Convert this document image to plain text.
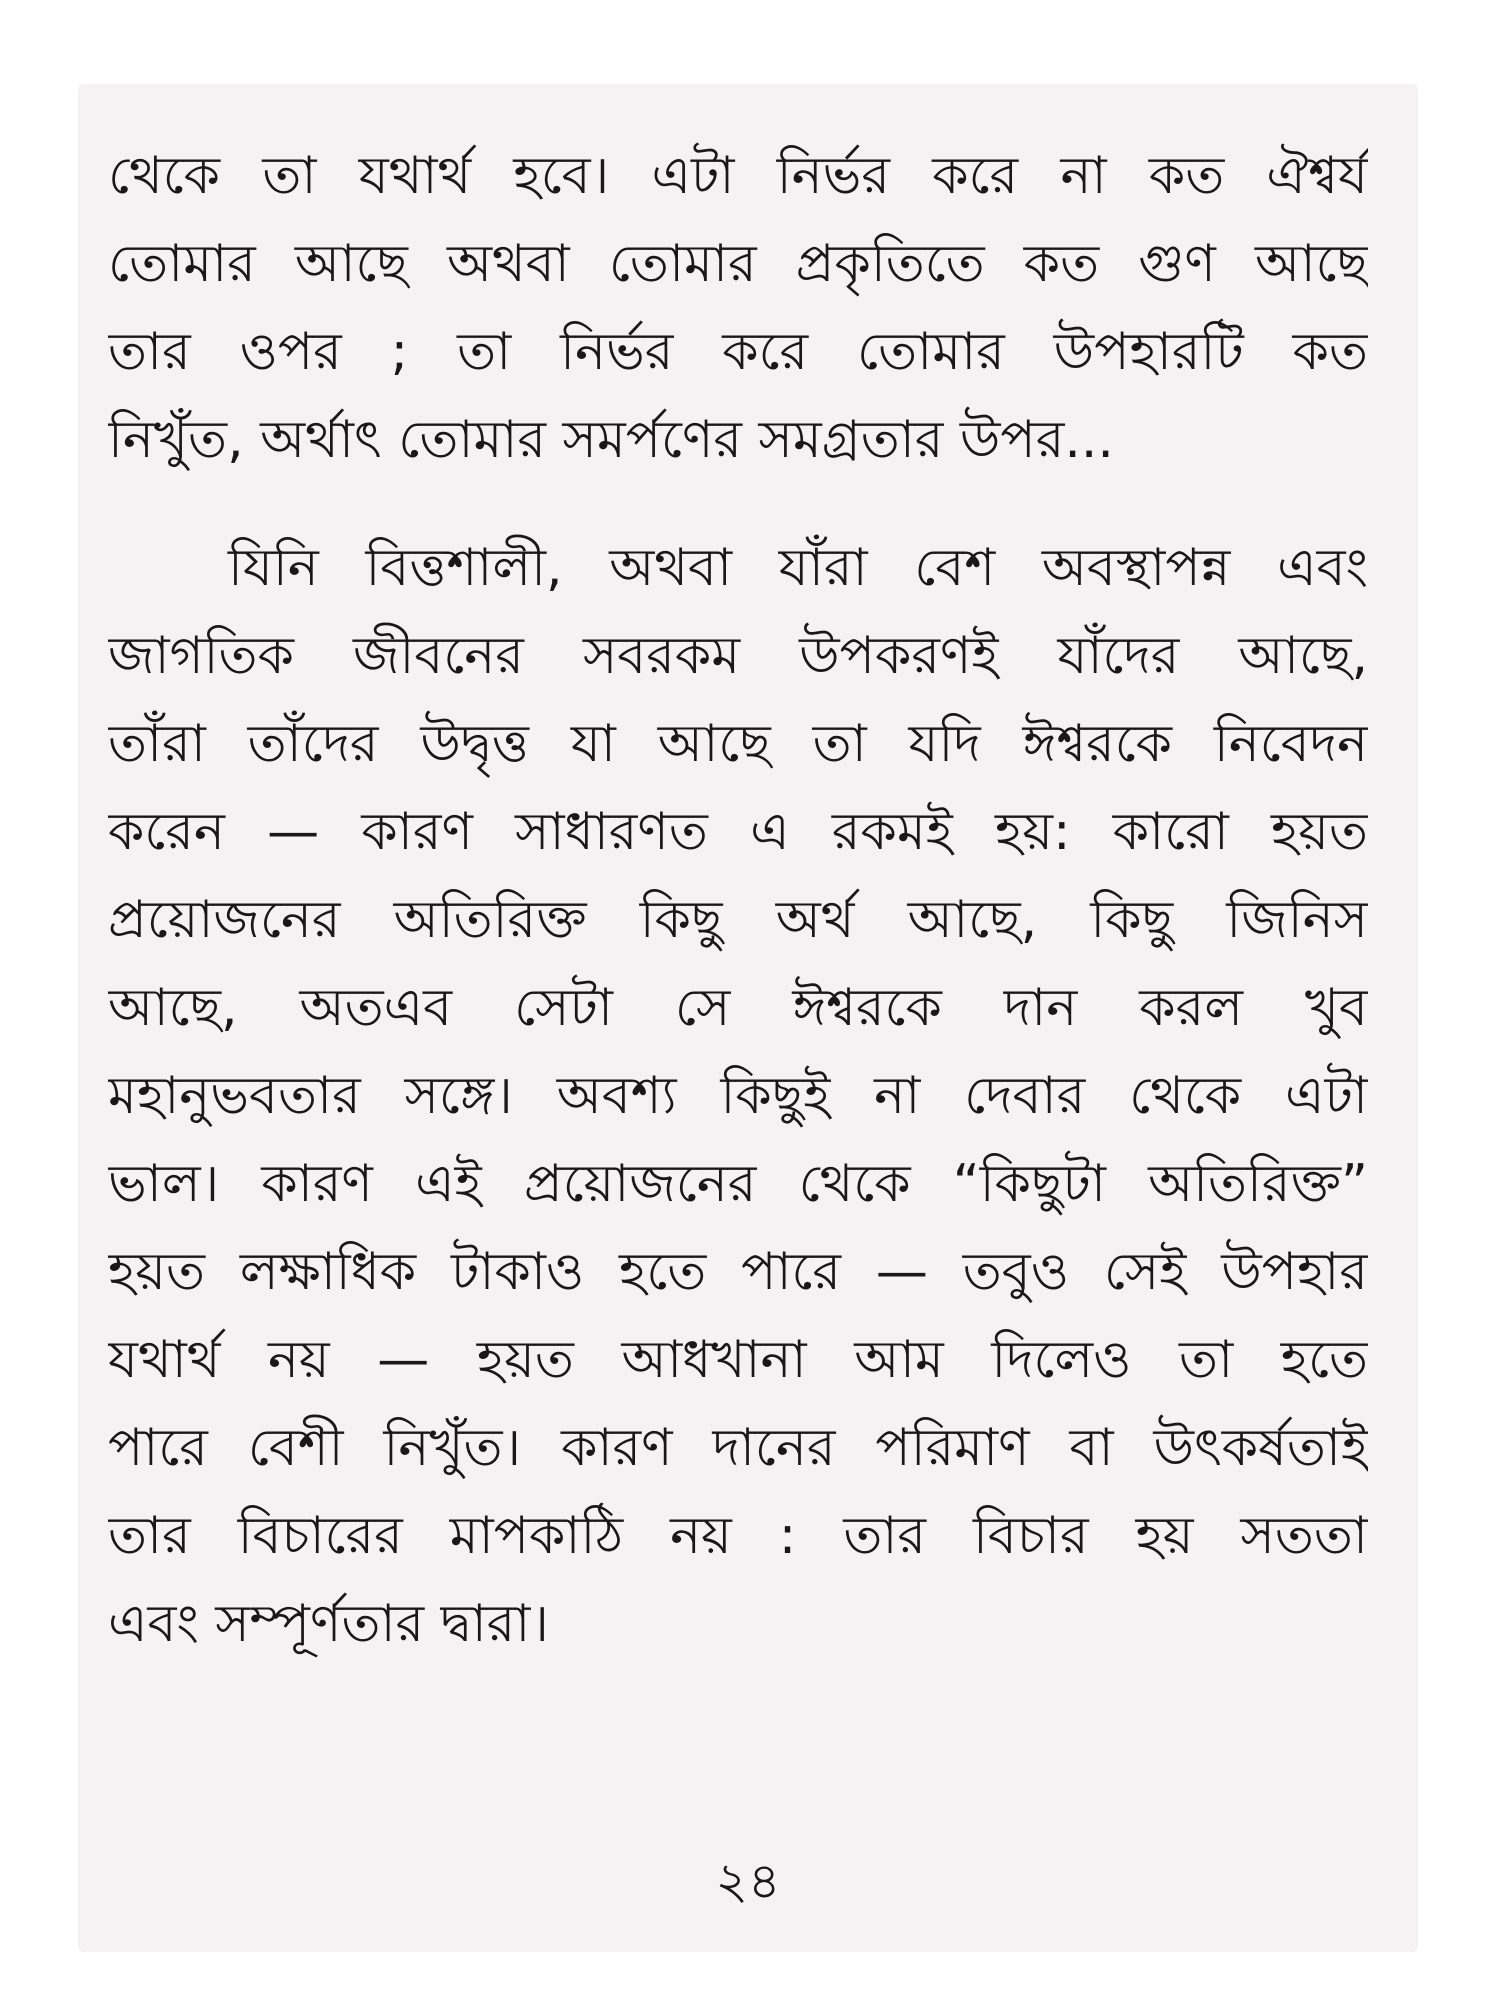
থেকে তা যথার্থ হবে। এটা নির্ভর করে না কত ঐশ্বর্য
তোমার আছে অথবা তোমার প্রকৃতিতে কত গুণ আছে
তার ওপর ; তা নির্ভর করে তোমার উপহারটি কত
নিখুঁত, অর্থাৎ তোমার সমর্পণের সমগ্রতার উপর...
যিনি বিত্তশালী, অথবা যাঁরা বেশ অবস্থাপন্ন এবং
জাগতিক জীবনের সবরকম উপকরণই যাঁদের আছে,
তাঁরা তাঁদের উদ্বৃত্ত যা আছে তা যদি ঈশ্বরকে নিবেদন
করেন — কারণ সাধারণত এ রকমই হয়: কারো হয়ত
প্রয়োজনের অতিরিক্ত কিছু অর্থ আছে, কিছু জিনিস
আছে, অতএব সেটা সে ঈশ্বরকে দান করল খুব
মহানুভবতার সঙ্গে। অবশ্য কিছুই না দেবার থেকে এটা
ভাল। কারণ এই প্রয়োজনের থেকে “কিছুটা অতিরিক্ত”
হয়ত লক্ষাধিক টাকাও হতে পারে — তবুও সেই উপহার
যথার্থ নয় — হয়ত আধখানা আম দিলেও তা হতে
পারে বেশী নিখুঁত। কারণ দানের পরিমাণ বা উৎকর্ষতাই
তার বিচারের মাপকাঠি নয় : তার বিচার হয় সততা
এবং সম্পূর্ণতার দ্বারা।
২৪
